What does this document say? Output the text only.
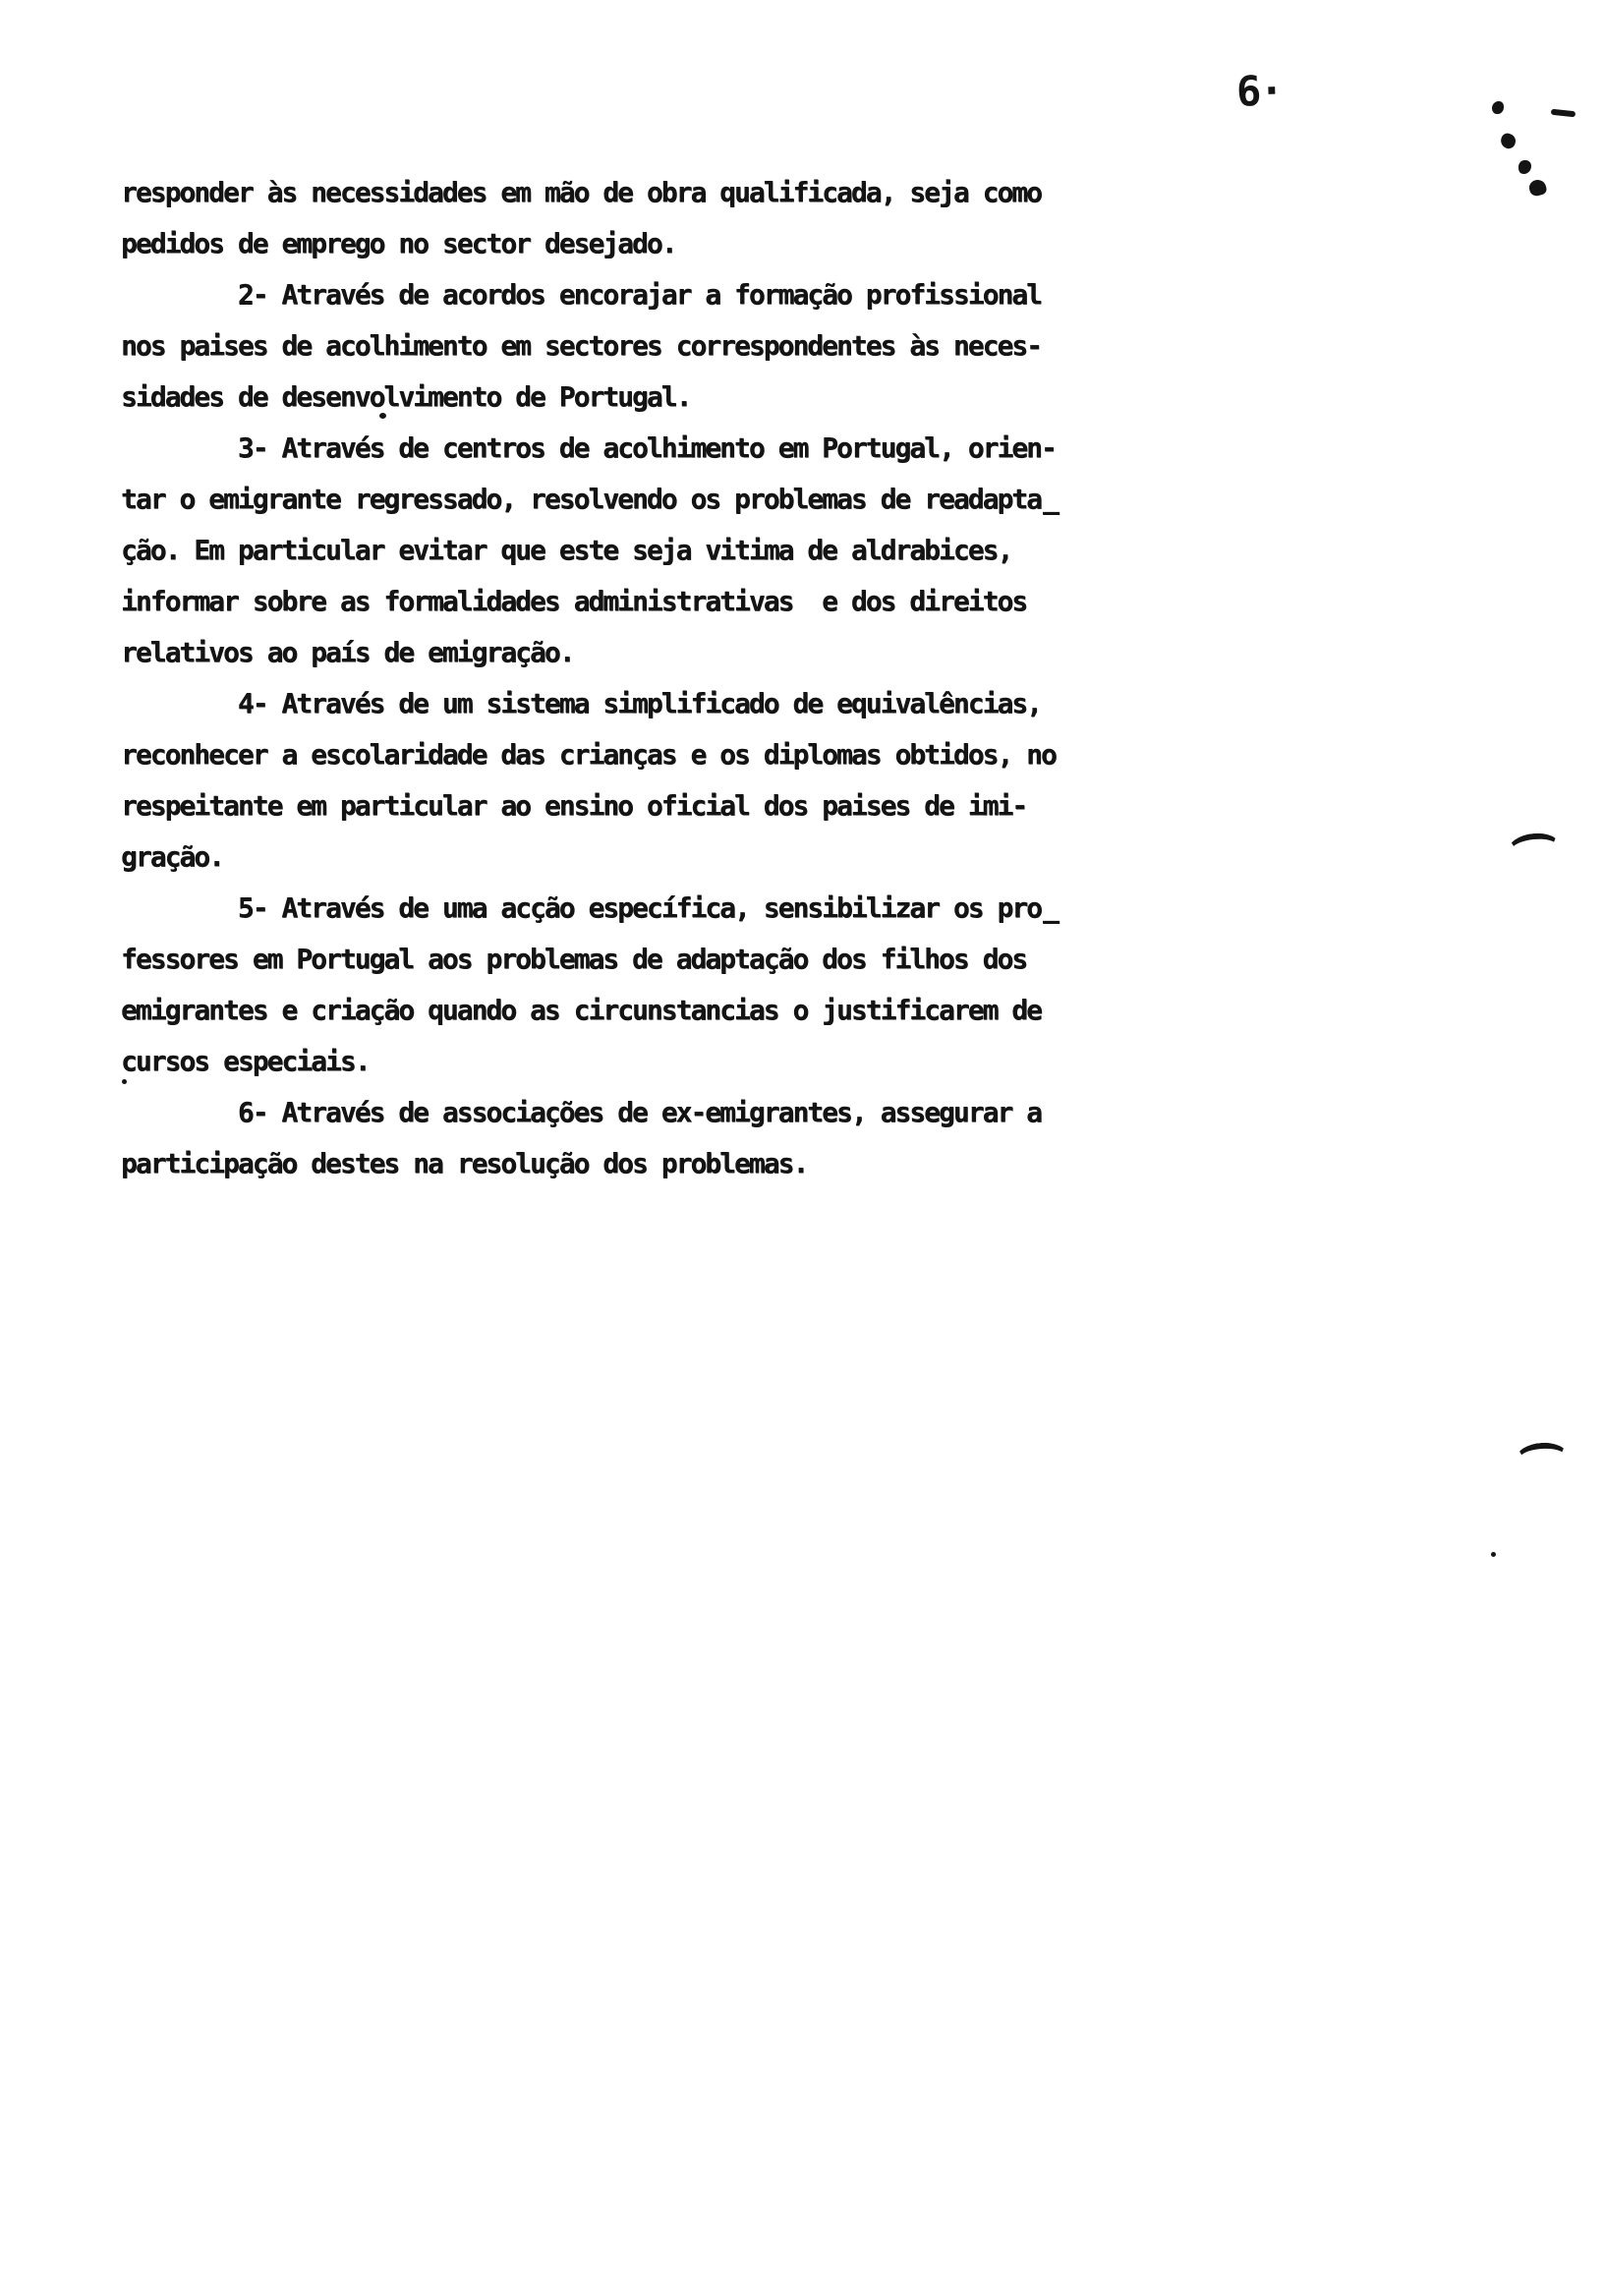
6·
responder às necessidades em mão de obra qualificada, seja como
pedidos de emprego no sector desejado.
2- Através de acordos encorajar a formação profissional
nos paises de acolhimento em sectores correspondentes às neces-
sidades de desenvolvimento de Portugal.
3- Através de centros de acolhimento em Portugal, orien-
tar o emigrante regressado, resolvendo os problemas de readapta̲
ção. Em particular evitar que este seja vitima de aldrabices,
informar sobre as formalidades administrativas  e dos direitos
relativos ao país de emigração.
4- Através de um sistema simplificado de equivalências,
reconhecer a escolaridade das crianças e os diplomas obtidos, no
respeitante em particular ao ensino oficial dos paises de imi-
gração.
5- Através de uma acção específica, sensibilizar os pro̲
fessores em Portugal aos problemas de adaptação dos filhos dos
emigrantes e criação quando as circunstancias o justificarem de
cursos especiais.
6- Através de associações de ex-emigrantes, assegurar a
participação destes na resolução dos problemas.
